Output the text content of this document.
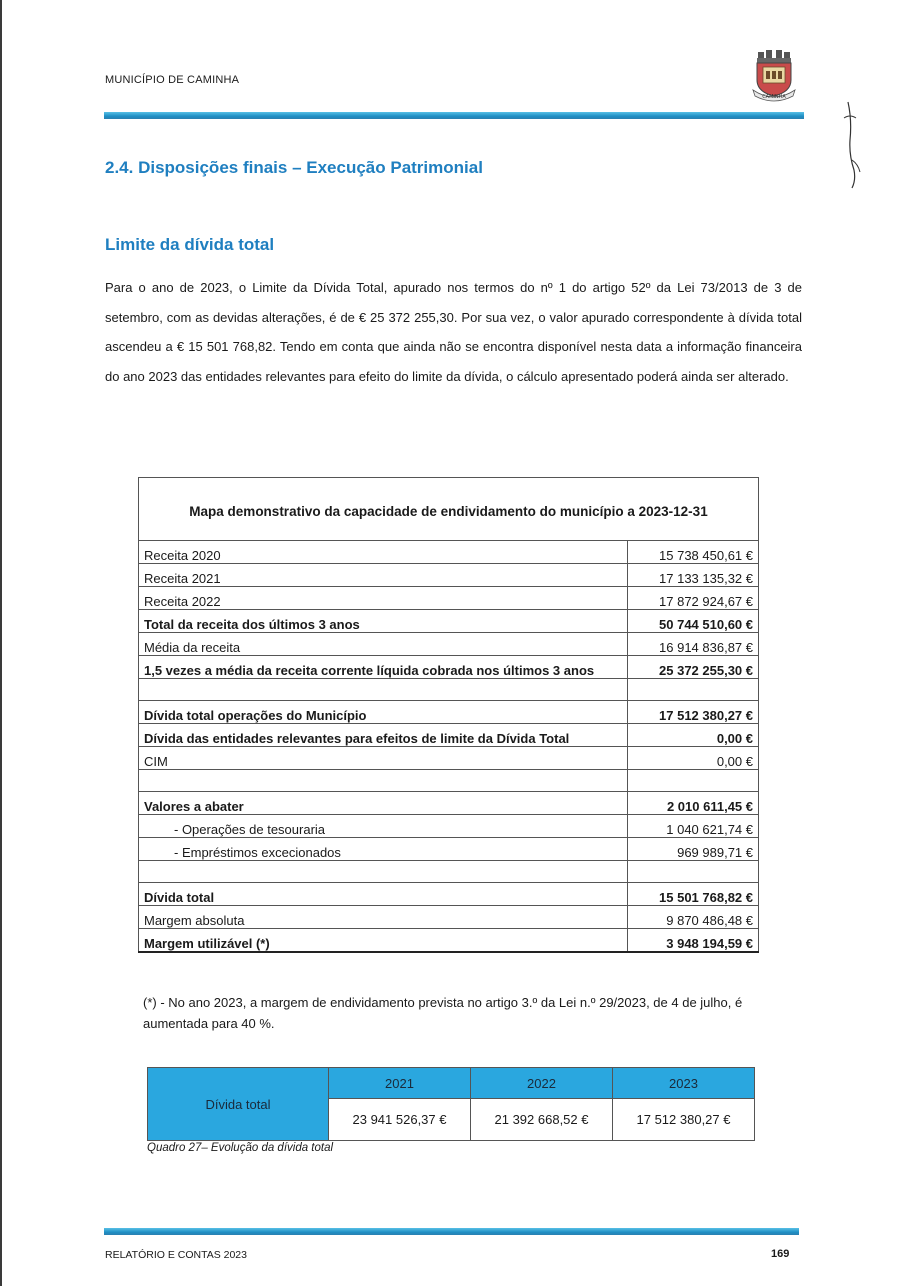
MUNICÍPIO DE CAMINHA
CAMINHA
2.4. Disposições finais – Execução Patrimonial
Limite da dívida total
Para o ano de 2023, o Limite da Dívida Total, apurado nos termos do nº 1 do artigo 52º da Lei 73/2013 de 3 de setembro, com as devidas alterações, é de € 25 372 255,30. Por sua vez, o valor apurado correspondente à dívida total ascendeu a € 15 501 768,82. Tendo em conta que ainda não se encontra disponível nesta data a informação financeira do ano 2023 das entidades relevantes para efeito do limite da dívida, o cálculo apresentado poderá ainda ser alterado.
Mapa demonstrativo da capacidade de endividamento do município a 2023-12-31	
Receita 2020	15 738 450,61 €
Receita 2021	17 133 135,32 €
Receita 2022	17 872 924,67 €
Total da receita dos últimos 3 anos	50 744 510,60 €
Média da receita	16 914 836,87 €
1,5 vezes a média da receita corrente líquida cobrada nos últimos 3 anos	25 372 255,30 €

Dívida total operações do Município	17 512 380,27 €
Dívida das entidades relevantes para efeitos de limite da Dívida Total	0,00 €
CIM	0,00 €

Valores a abater	2 010 611,45 €
- Operações de tesouraria	1 040 621,74 €
- Empréstimos excecionados	969 989,71 €

Dívida total	15 501 768,82 €
Margem absoluta	9 870 486,48 €
Margem utilizável (*)	3 948 194,59 €
(*) - No ano 2023, a margem de endividamento prevista no artigo 3.º da Lei n.º 29/2023, de 4 de julho, é aumentada para 40 %.
Dívida total	2021	2022	2023
	23 941 526,37 €	21 392 668,52 €	17 512 380,27 €
Quadro 27– Evolução da dívida total
RELATÓRIO E CONTAS 2023	169
